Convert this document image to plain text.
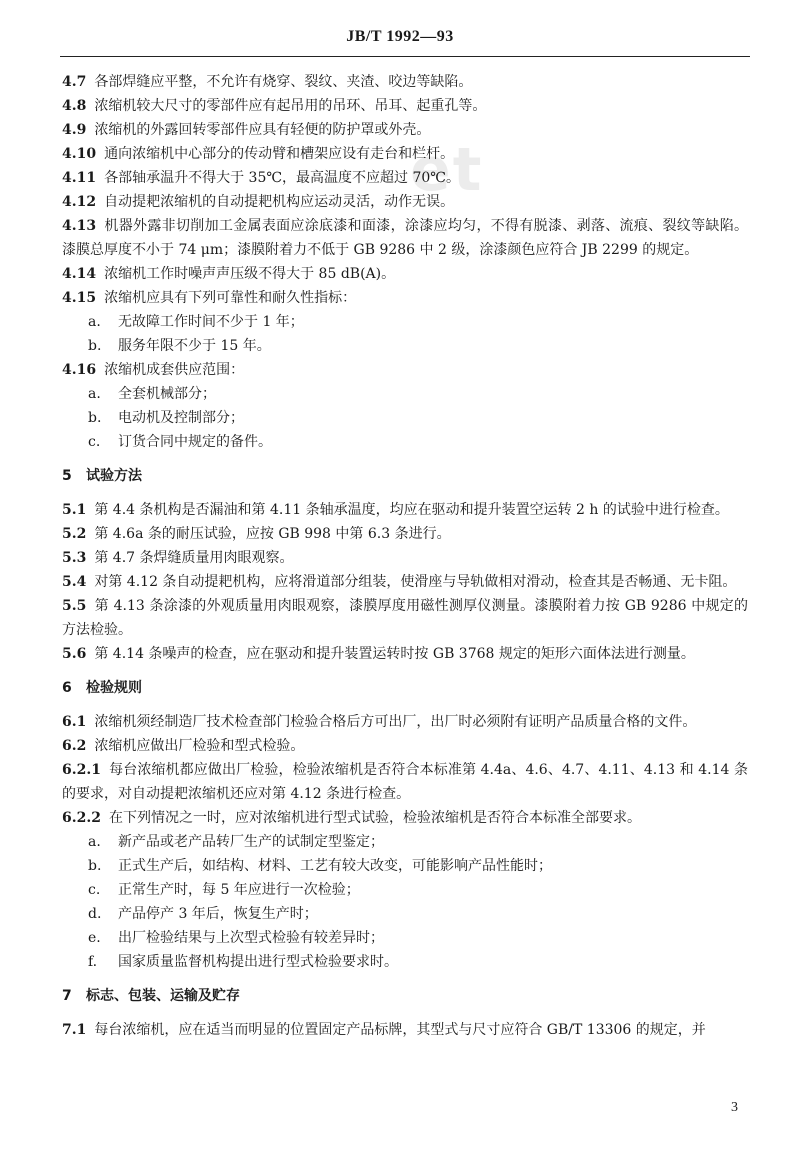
JB/T 1992—93
et

4.7 各部焊缝应平整，不允许有烧穿、裂纹、夹渣、咬边等缺陷。

4.8 浓缩机较大尺寸的零部件应有起吊用的吊环、吊耳、起重孔等。

4.9 浓缩机的外露回转零部件应具有轻便的防护罩或外壳。

4.10 通向浓缩机中心部分的传动臂和槽架应设有走台和栏杆。

4.11 各部轴承温升不得大于 35℃，最高温度不应超过 70℃。

4.12 自动提耙浓缩机的自动提耙机构应运动灵活，动作无误。

4.13 机器外露非切削加工金属表面应涂底漆和面漆，涂漆应均匀，不得有脱漆、剥落、流痕、裂纹等缺陷。漆膜总厚度不小于 74 μm；漆膜附着力不低于 GB 9286 中 2 级，涂漆颜色应符合 JB 2299 的规定。

4.14 浓缩机工作时噪声声压级不得大于 85 dB(A)。

4.15 浓缩机应具有下列可靠性和耐久性指标：

a. 无故障工作时间不少于 1 年；
b. 服务年限不少于 15 年。

4.16 浓缩机成套供应范围：

a. 全套机械部分；
b. 电动机及控制部分；
c. 订货合同中规定的备件。
5 试验方法

5.1 第 4.4 条机构是否漏油和第 4.11 条轴承温度，均应在驱动和提升装置空运转 2 h 的试验中进行检查。

5.2 第 4.6a 条的耐压试验，应按 GB 998 中第 6.3 条进行。

5.3 第 4.7 条焊缝质量用肉眼观察。

5.4 对第 4.12 条自动提耙机构，应将滑道部分组装，使滑座与导轨做相对滑动，检查其是否畅通、无卡阻。

5.5 第 4.13 条涂漆的外观质量用肉眼观察，漆膜厚度用磁性测厚仪测量。漆膜附着力按 GB 9286 中规定的方法检验。

5.6 第 4.14 条噪声的检查，应在驱动和提升装置运转时按 GB 3768 规定的矩形六面体法进行测量。

6 检验规则

6.1 浓缩机须经制造厂技术检查部门检验合格后方可出厂，出厂时必须附有证明产品质量合格的文件。

6.2 浓缩机应做出厂检验和型式检验。

6.2.1 每台浓缩机都应做出厂检验，检验浓缩机是否符合本标准第 4.4a、4.6、4.7、4.11、4.13 和 4.14 条的要求，对自动提耙浓缩机还应对第 4.12 条进行检查。

6.2.2 在下列情况之一时，应对浓缩机进行型式试验，检验浓缩机是否符合本标准全部要求。

a. 新产品或老产品转厂生产的试制定型鉴定；
b. 正式生产后，如结构、材料、工艺有较大改变，可能影响产品性能时；
c. 正常生产时，每 5 年应进行一次检验；
d. 产品停产 3 年后，恢复生产时；
e. 出厂检验结果与上次型式检验有较差异时；
f. 国家质量监督机构提出进行型式检验要求时。
7 标志、包装、运输及贮存

7.1 每台浓缩机，应在适当而明显的位置固定产品标牌，其型式与尺寸应符合 GB/T 13306 的规定，并

3
